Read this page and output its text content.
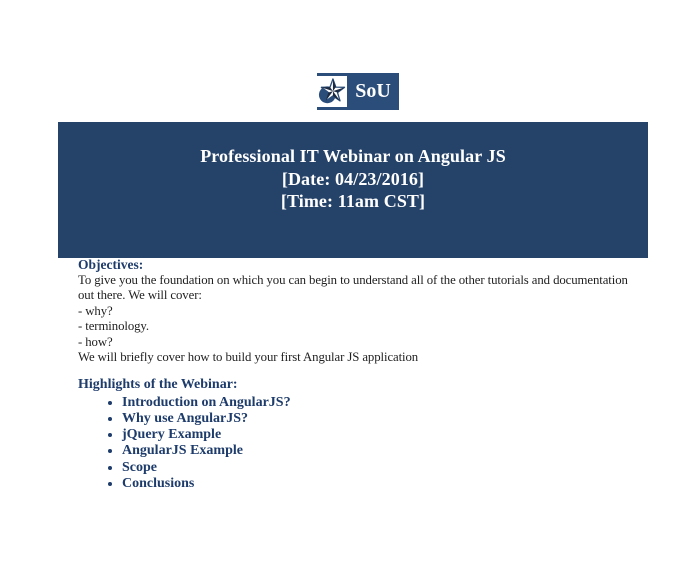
SoU
Professional IT Webinar on Angular JS
[Date: 04/23/2016]
[Time: 11am CST]
Objectives:
To give you the foundation on which you can begin to understand all of the other tutorials and documentation
out there. We will cover:
- why?
- terminology.
- how?
We will briefly cover how to build your first Angular JS application
Highlights of the Webinar:
• Introduction on AngularJS?
• Why use AngularJS?
• jQuery Example
• AngularJS Example
• Scope
• Conclusions
